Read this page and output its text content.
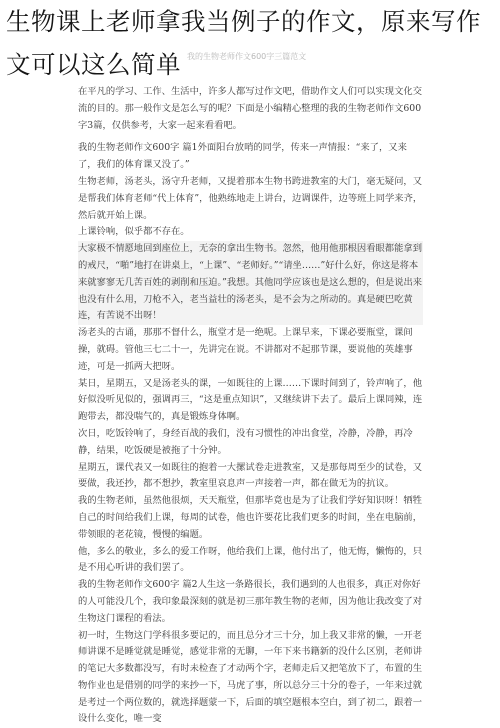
生物课上老师拿我当例子的作文，原来写作
文可以这么简单 $^{我的生物老师作文600字三篇范文}$

在平凡的学习、工作、生活中，许多人都写过作文吧，借助作文人们可以实现文化交流的目的。那一般作文是怎么写的呢？下面是小编精心整理的我的生物老师作文600字3篇，仅供参考，大家一起来看看吧。

我的生物老师作文600字 篇1外面阳台放哨的同学，传来一声情报：“来了，又来了，我们的体育课又没了。”

生物老师，汤老头，汤守升老师，又提着那本生物书跨进教室的大门，毫无疑问，又是帮我们体育老师“代上体育”，他熟练地走上讲台，边调课件，边等班上同学来齐，然后就开始上课。

上课铃响，似乎都不存在。

大家极不情愿地回到座位上，无奈的拿出生物书。忽然，他用他那根因看眼都能拿到的戒尺，“啪”地打在讲桌上，“上课”、“老师好。”“请坐……”好什么好，你这是将本来就寥寥无几苦百姓的剥削和压迫。”我想。其他同学应该也是这么想的，但是说出来也没有什么用，刀枪不入，老当益壮的汤老头，是不会为之所动的。真是硬巴吃黄连，有苦说不出呀！

汤老头的古诵，那那不督什么，瓶堂才是一绝呢。上课早来，下课必要瓶堂，课间操，就碍。管他三七二十一，先讲完在说。不讲都对不起那节课，要说他的英雄事迹，可是一抓两大把呀。

某日，星期五，又是汤老头的课，一如既往的上课……下课时间到了，铃声响了，他好似没听见似的，强调再三，“这是重点知识”，又继续讲下去了。最后上课同辣，连跑带去，都没喘气的，真是锻炼身体啊。

次日，吃饭铃响了，身经百战的我们，没有习惯性的冲出食堂，冷静，冷静，再冷静，结果，吃饭硬是被拖了十分钟。

星期五，课代表又一如既往的抱着一大摞试卷走进教室，又是那每周至少的试卷，又要做，我还抄，都不想抄，教室里哀息声一声接着一声，都在做无为的抗议。

我的生物老师，虽然他很烦，天天瓶堂，但那毕竟也是为了让我们学好知识呀！牺牲自己的时间给我们上课，每周的试卷，他也许要花比我们更多的时间，坐在电脑前，带领眼的老花镜，慢慢的编题。

他，多么的敬业，多么的爱工作呀，他给我们上课，他付出了，他无悔，懒悔的，只是不用心听讲的我们罢了。

我的生物老师作文600字 篇2人生这一条路很长，我们遇到的人也很多，真正对你好的人可能没几个，我印象最深刻的就是初三那年教生物的老师，因为他让我改变了对生物这门课程的看法。

初一时，生物这门学科很多要记的，而且总分才三十分，加上我又非常的懒，一开老师讲课不是睡觉就是睡觉，感觉非常的无聊，一年下来书籍新的没什么区别，老师讲的笔记大多数都没写，有时未检查了才动两个字，老师走后又把笔放下了，布置的生物作业也是借别的同学的来抄一下，马虎了事，所以总分三十分的卷子，一年来过就是考过一个两位数的，就选择题蒙一下，后面的填空题根本空白，到了初二，跟着一设什么变化，唯一变
